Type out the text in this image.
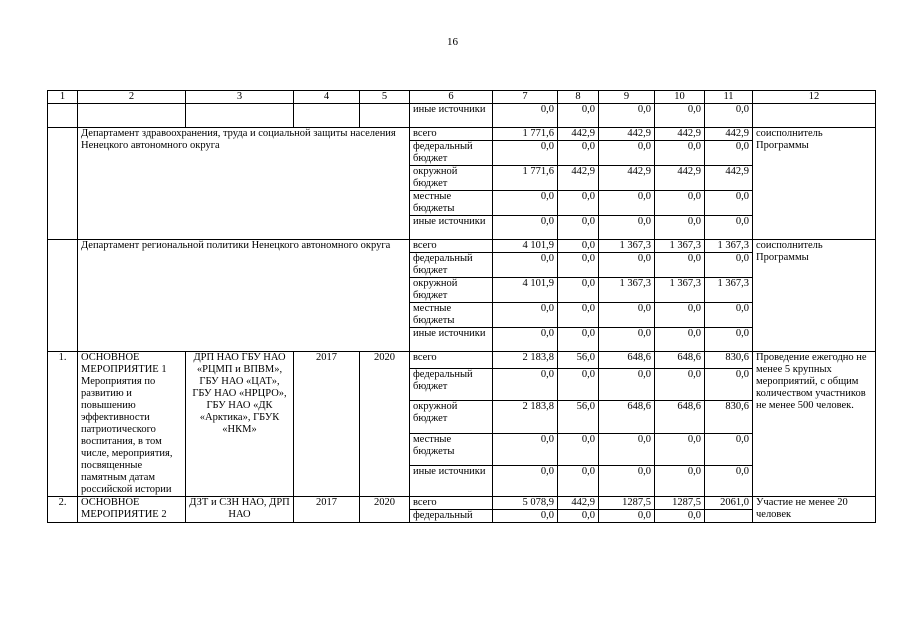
16
1	2	3	4	5	6	7	8	9	10	11	12
					иные источники	0,0	0,0	0,0	0,0	0,0	
	Департамент здравоохранения, труда и социальной защиты населения Ненецкого автономного округа				всего	1 771,6	442,9	442,9	442,9	442,9	соисполнитель Программы
					федеральный бюджет	0,0	0,0	0,0	0,0	0,0	
					окружной бюджет	1 771,6	442,9	442,9	442,9	442,9	
					местные бюджеты	0,0	0,0	0,0	0,0	0,0	
					иные источники	0,0	0,0	0,0	0,0	0,0	
	Департамент региональной политики Ненецкого автономного округа				всего	4 101,9	0,0	1 367,3	1 367,3	1 367,3	соисполнитель Программы
					федеральный бюджет	0,0	0,0	0,0	0,0	0,0	
					окружной бюджет	4 101,9	0,0	1 367,3	1 367,3	1 367,3	
					местные бюджеты	0,0	0,0	0,0	0,0	0,0	
					иные источники	0,0	0,0	0,0	0,0	0,0	
1.	ОСНОВНОЕ МЕРОПРИЯТИЕ 1 Мероприятия по развитию и повышению эффективности патриотического воспитания, в том числе, мероприятия, посвященные памятным датам российской истории	ДРП НАО ГБУ НАО «РЦМП и ВПВМ», ГБУ НАО «ЦАТ», ГБУ НАО «НРЦРО», ГБУ НАО «ДК «Арктика», ГБУК «НКМ»	2017	2020	всего	2 183,8	56,0	648,6	648,6	830,6	Проведение ежегодно не менее 5 крупных мероприятий, с общим количеством участников не менее 500 человек.
					федеральный бюджет	0,0	0,0	0,0	0,0	0,0	
					окружной бюджет	2 183,8	56,0	648,6	648,6	830,6	
					местные бюджеты	0,0	0,0	0,0	0,0	0,0	
					иные источники	0,0	0,0	0,0	0,0	0,0	
2.	ОСНОВНОЕ МЕРОПРИЯТИЕ 2	ДЗТ и СЗН НАО, ДРП НАО	2017	2020	всего	5 078,9	442,9	1287,5	1287,5	2061,0	Участие не менее 20 человек
					федеральный	0,0	0,0	0,0	0,0		
